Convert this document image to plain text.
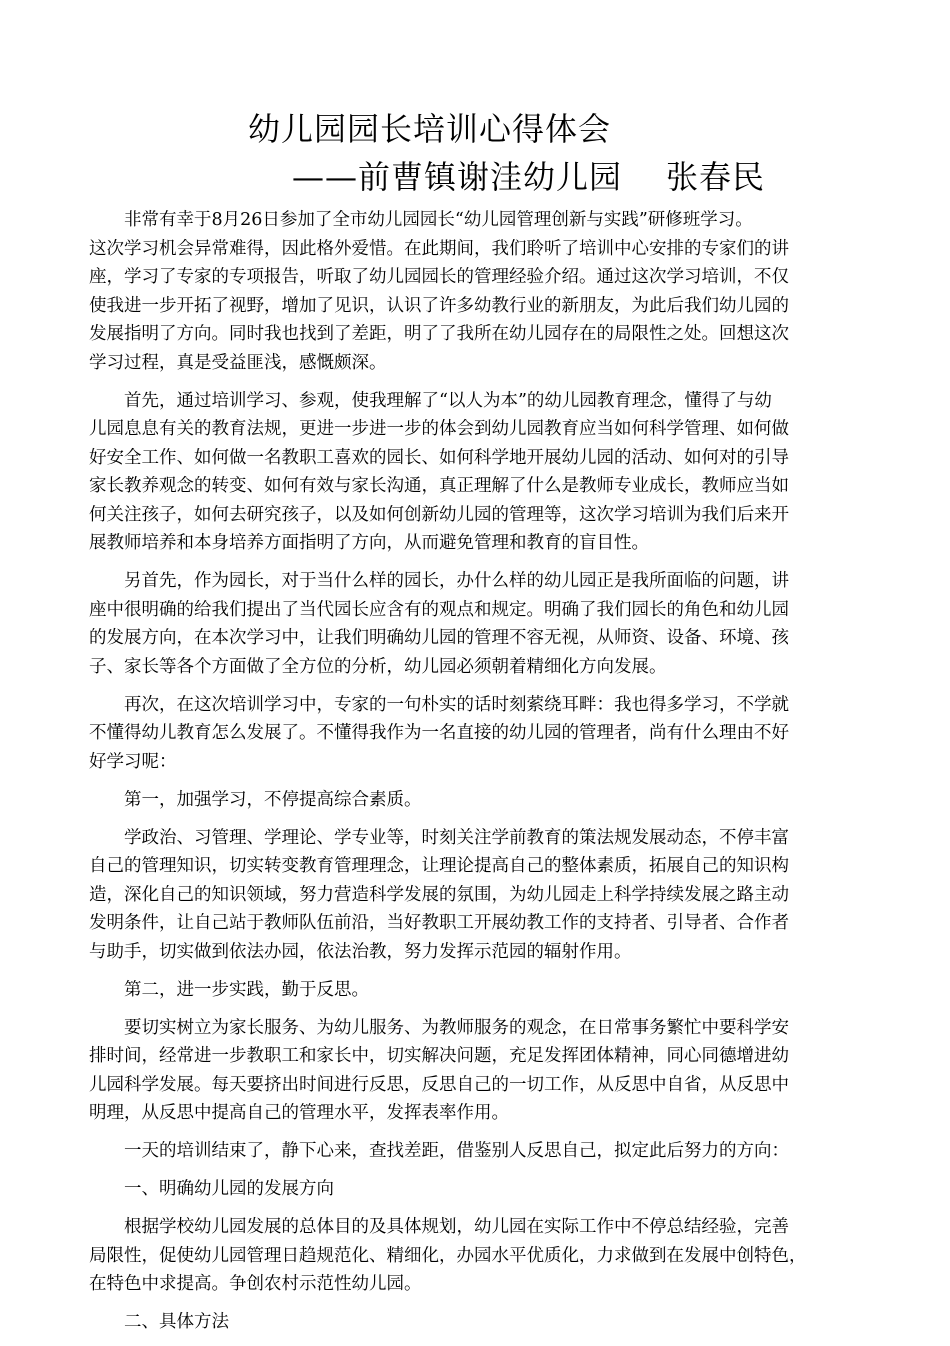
幼儿园园长培训心得体会
——前曹镇谢洼幼儿园 张春民

非常有幸于8月26日参加了全市幼儿园园长“幼儿园管理创新与实践”研修班学习。
这次学习机会异常难得，因此格外爱惜。在此期间，我们聆听了培训中心安排的专家们的讲
座，学习了专家的专项报告，听取了幼儿园园长的管理经验介绍。通过这次学习培训，不仅
使我进一步开拓了视野，增加了见识，认识了许多幼教行业的新朋友，为此后我们幼儿园的
发展指明了方向。同时我也找到了差距，明了了我所在幼儿园存在的局限性之处。回想这次
学习过程，真是受益匪浅，感慨颇深。

首先，通过培训学习、参观，使我理解了“以人为本”的幼儿园教育理念，懂得了与幼
儿园息息有关的教育法规，更进一步进一步的体会到幼儿园教育应当如何科学管理、如何做
好安全工作、如何做一名教职工喜欢的园长、如何科学地开展幼儿园的活动、如何对的引导
家长教养观念的转变、如何有效与家长沟通，真正理解了什么是教师专业成长，教师应当如
何关注孩子，如何去研究孩子，以及如何创新幼儿园的管理等，这次学习培训为我们后来开
展教师培养和本身培养方面指明了方向，从而避免管理和教育的盲目性。

另首先，作为园长，对于当什么样的园长，办什么样的幼儿园正是我所面临的问题，讲
座中很明确的给我们提出了当代园长应含有的观点和规定。明确了我们园长的角色和幼儿园
的发展方向，在本次学习中，让我们明确幼儿园的管理不容无视，从师资、设备、环境、孩
子、家长等各个方面做了全方位的分析，幼儿园必须朝着精细化方向发展。

再次，在这次培训学习中，专家的一句朴实的话时刻萦绕耳畔：我也得多学习，不学就
不懂得幼儿教育怎么发展了。不懂得我作为一名直接的幼儿园的管理者，尚有什么理由不好
好学习呢：

第一，加强学习，不停提高综合素质。

学政治、习管理、学理论、学专业等，时刻关注学前教育的策法规发展动态，不停丰富
自己的管理知识，切实转变教育管理理念，让理论提高自己的整体素质，拓展自己的知识构
造，深化自己的知识领域，努力营造科学发展的氛围，为幼儿园走上科学持续发展之路主动
发明条件，让自己站于教师队伍前沿，当好教职工开展幼教工作的支持者、引导者、合作者
与助手，切实做到依法办园，依法治教，努力发挥示范园的辐射作用。

第二，进一步实践，勤于反思。

要切实树立为家长服务、为幼儿服务、为教师服务的观念，在日常事务繁忙中要科学安
排时间，经常进一步教职工和家长中，切实解决问题，充足发挥团体精神，同心同德增进幼
儿园科学发展。每天要挤出时间进行反思，反思自己的一切工作，从反思中自省，从反思中
明理，从反思中提高自己的管理水平，发挥表率作用。

一天的培训结束了，静下心来，查找差距，借鉴别人反思自己，拟定此后努力的方向：

一、明确幼儿园的发展方向

根据学校幼儿园发展的总体目的及具体规划，幼儿园在实际工作中不停总结经验，完善
局限性，促使幼儿园管理日趋规范化、精细化，办园水平优质化，力求做到在发展中创特色，
在特色中求提高。争创农村示范性幼儿园。

二、具体方法
